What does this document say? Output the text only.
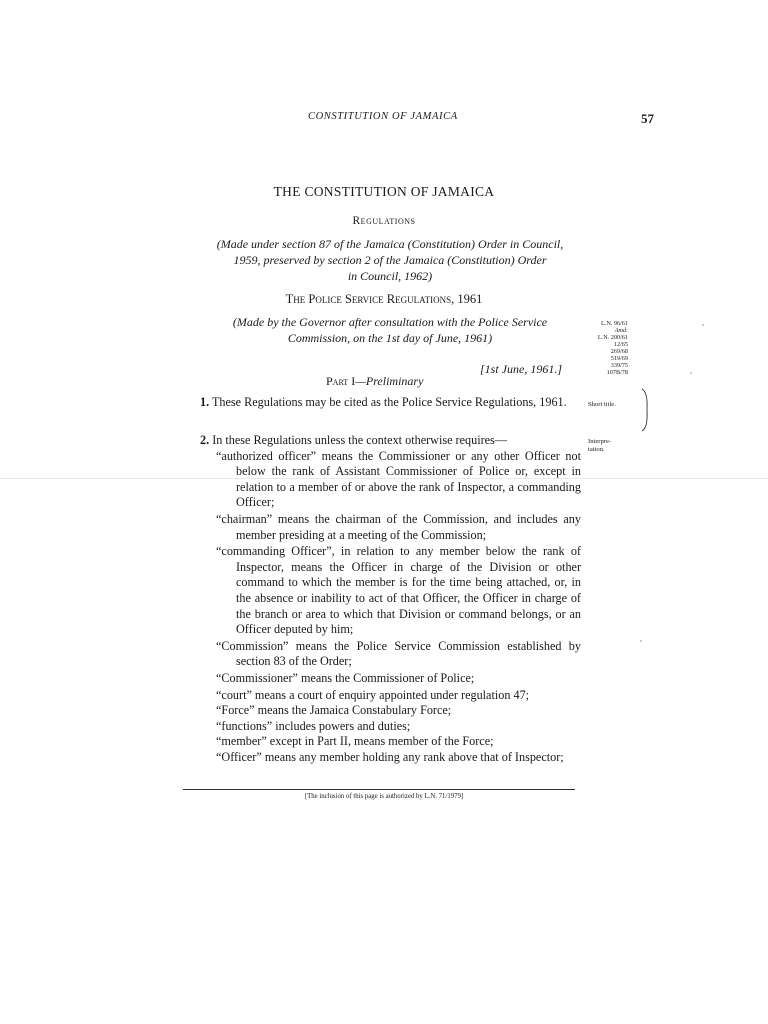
CONSTITUTION OF JAMAICA	57
THE CONSTITUTION OF JAMAICA
Regulations
(Made under section 87 of the Jamaica (Constitution) Order in Council,
1959, preserved by section 2 of the Jamaica (Constitution) Order
in Council, 1962)
The Police Service Regulations, 1961
(Made by the Governor after consultation with the Police Service
Commission, on the 1st day of June, 1961)
L.N. 96/61
Amd:
L.N. 200/61
12/65
269/68
519/69
339/75
107B/78
[1st June, 1961.]
Part I—Preliminary
1. These Regulations may be cited as the Police Service Regulations, 1961.	Short title.
2. In these Regulations unless the context otherwise requires—
“authorized officer” means the Commissioner or any other Officer not below the rank of Assistant Commissioner of Police or, except in relation to a member of or above the rank of Inspector, a commanding Officer;
“chairman” means the chairman of the Commission, and includes any member presiding at a meeting of the Commission;
“commanding Officer”, in relation to any member below the rank of Inspector, means the Officer in charge of the Division or other command to which the member is for the time being attached, or, in the absence or inability to act of that Officer, the Officer in charge of the branch or area to which that Division or command belongs, or an Officer deputed by him;
“Commission” means the Police Service Commission established by section 83 of the Order;
“Commissioner” means the Commissioner of Police;
“court” means a court of enquiry appointed under regulation 47;
“Force” means the Jamaica Constabulary Force;
“functions” includes powers and duties;
“member” except in Part II, means member of the Force;
“Officer” means any member holding any rank above that of Inspector;
Interpre-
tation.
[The inclusion of this page is authorized by L.N. 71/1979]
